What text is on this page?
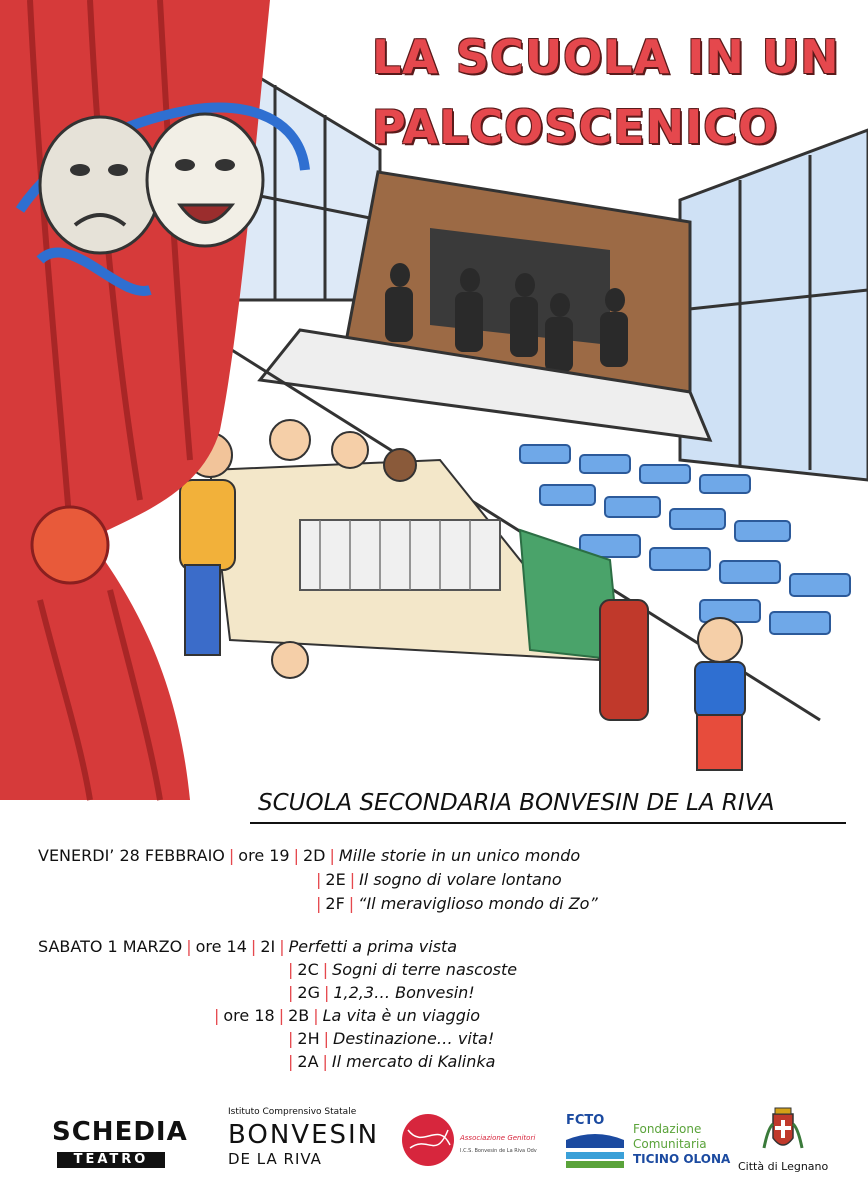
LA SCUOLA IN UN
PALCOSCENICO
SCUOLA SECONDARIA BONVESIN DE LA RIVA
VENERDI’ 28 FEBBRAIO | ore 19 | 2D | Mille storie in un unico mondo
| 2E | Il sogno di volare lontano
| 2F | “Il meraviglioso mondo di Zo”
SABATO 1 MARZO | ore 14 | 2I | Perfetti a prima vista
| 2C | Sogni di terre nascoste
| 2G | 1,2,3… Bonvesin!
| ore 18 | 2B | La vita è un viaggio
| 2H | Destinazione… vita!
| 2A | Il mercato di Kalinka
SCHEDIA
TEATRO
Istituto Comprensivo Statale
BONVESIN
DE LA RIVA
Associazione Genitori
I.C.S. Bonvesin de La Riva Odv
FCTO
Fondazione
Comunitaria
TICINO OLONA
Città di Legnano
